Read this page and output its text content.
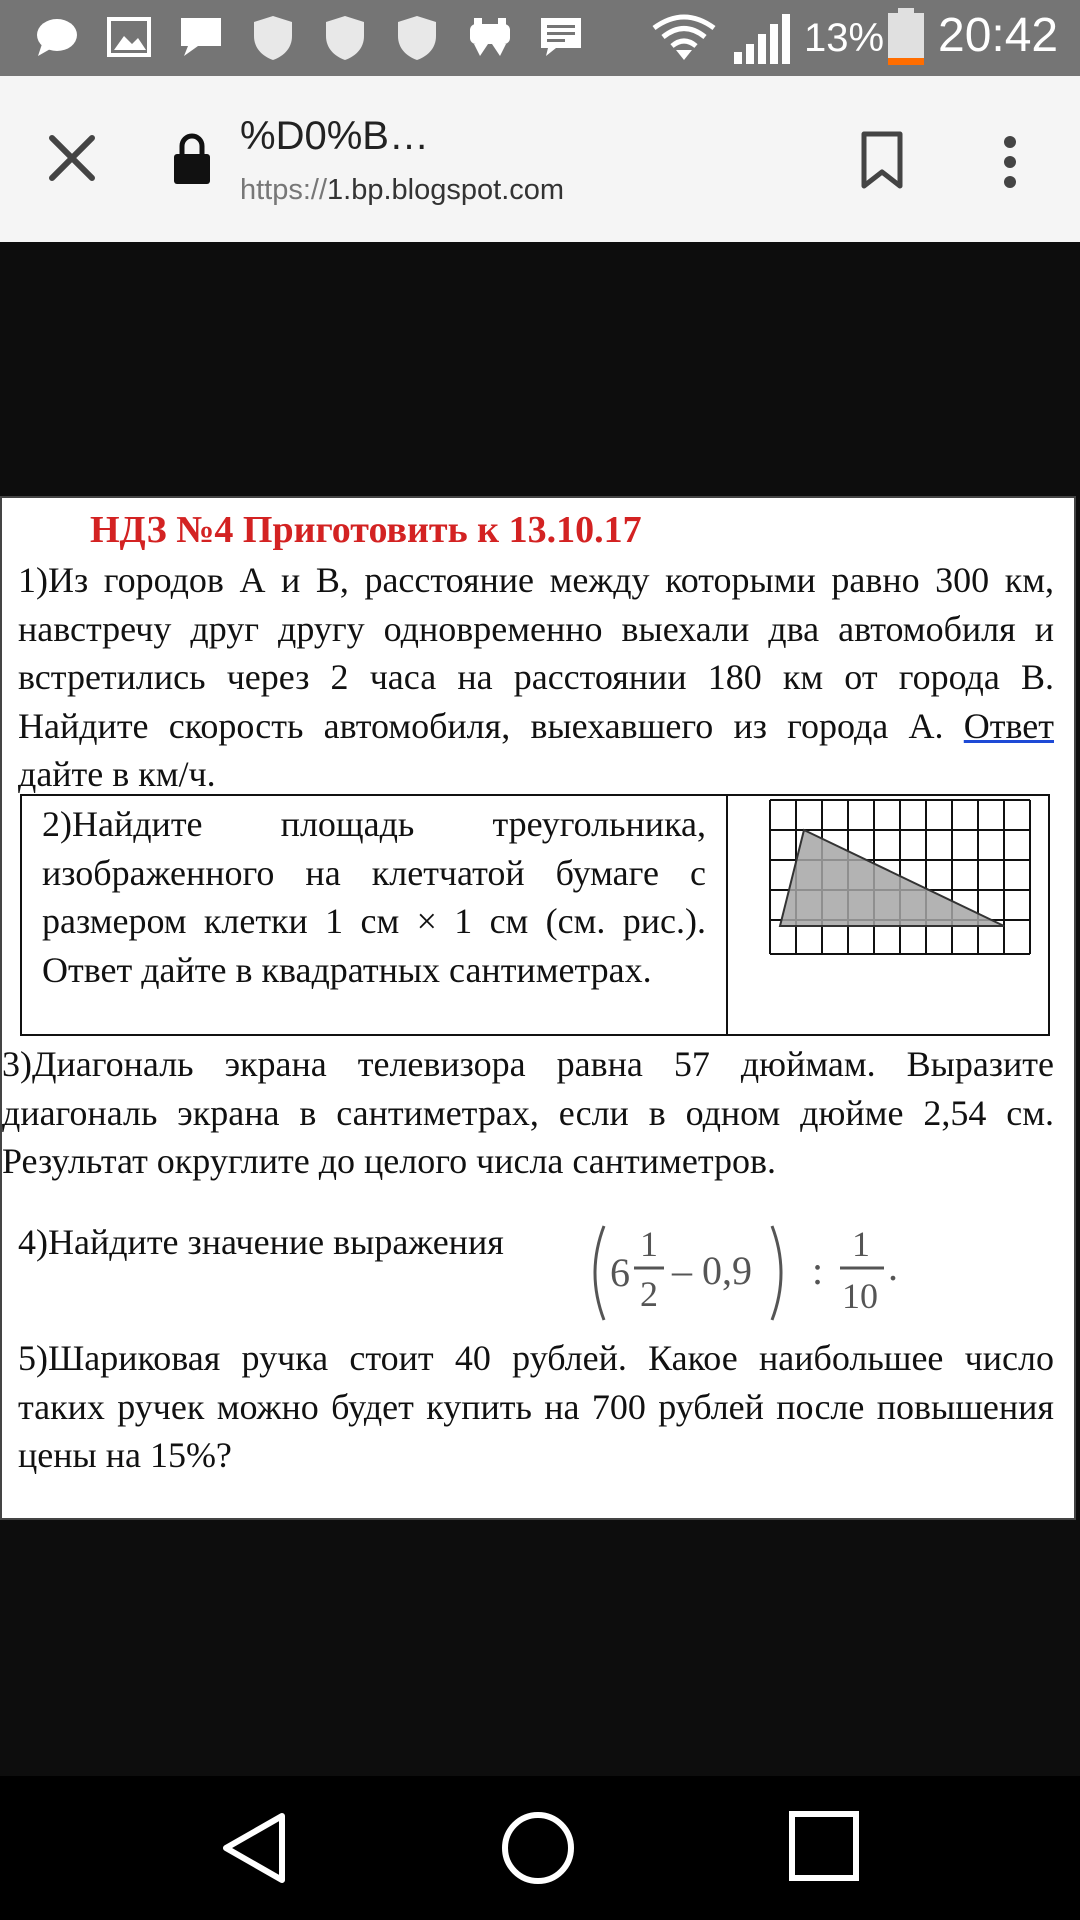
13% 20:42
%D0%B…
https://1.bp.blogspot.com
НДЗ №4 Приготовить к 13.10.17
1)Из городов А и В, расстояние между которыми равно 300 км, навстречу друг другу одновременно выехали два автомобиля и встретились через 2 часа на расстоянии 180 км от города В. Найдите скорость автомобиля, выехавшего из города А. Ответ дайте в км/ч.
2)Найдите площадь треугольника, изображенного на клетчатой бумаге с размером клетки 1 см × 1 см (см. рис.). Ответ дайте в квадратных сантиметрах.
3)Диагональ экрана телевизора равна 57 дюймам. Выразите диагональ экрана в сантиметрах, если в одном дюйме 2,54 см. Результат округлите до целого числа сантиметров.
4)Найдите значение выражения
6
1
2
– 0,9 :
1
10
.
5)Шариковая ручка стоит 40 рублей. Какое наибольшее число таких ручек можно будет купить на 700 рублей после повышения цены на 15%?
